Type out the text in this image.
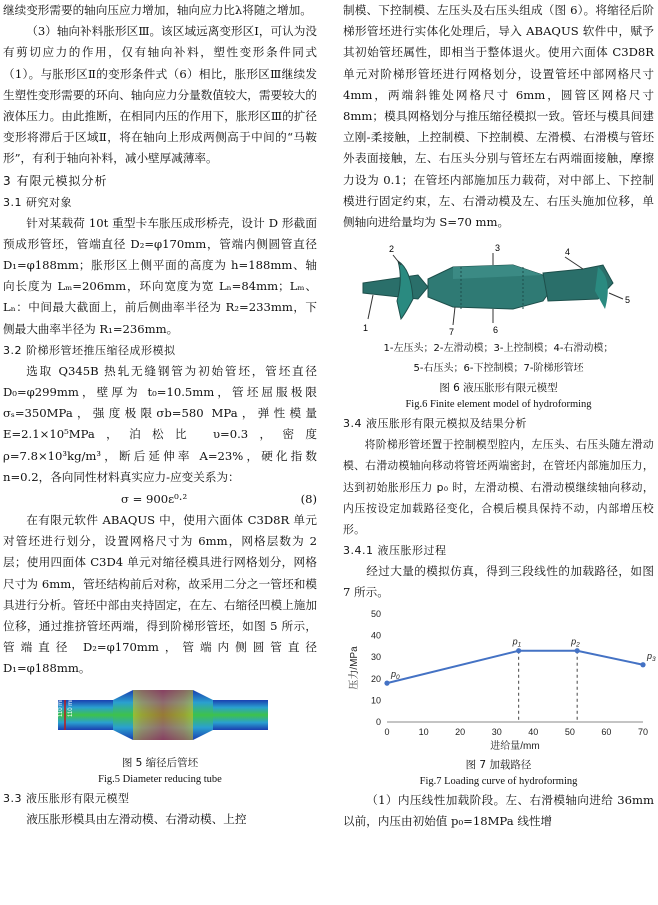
继续变形需要的轴向压应力增加，轴向应力比λ将随之增加。

（3）轴向补料胀形区Ⅲ。该区域远离变形区Ⅰ，可认为没有剪切应力的作用，仅有轴向补料，塑性变形条件同式（1）。与胀形区Ⅱ的变形条件式（6）相比，胀形区Ⅲ继续发生塑性变形需要的环向、轴向应力分量数值较大，需要较大的液体压力。由此推断，在相同内压的作用下，胀形区Ⅲ的扩径变形将滞后于区域Ⅱ，将在轴向上形成两侧高于中间的“马鞍形”，有利于轴向补料，减小壁厚减薄率。

3 有限元模拟分析
3.1 研究对象

针对某载荷 10t 重型卡车胀压成形桥壳，设计 D 形截面预成形管坯，管端直径 D₂=φ170mm，管端内侧圆管直径 D₁=φ188mm；胀形区上侧平面的高度为 h=188mm、轴向长度为 Lₘ=206mm，环向宽度为宽 Lₙ=84mm；Lₘ、Lₙ：中间最大截面上，前后侧曲率半径为 R₂=233mm，下侧最大曲率半径为 R₁=236mm。

3.2 阶梯形管坯推压缩径成形模拟

选取 Q345B 热轧无缝钢管为初始管坯，管坯直径 D₀=φ299mm，壁厚为 t₀=10.5mm，管坯屈服极限σₛ=350MPa，强度极限σb=580 MPa，弹性模量 E=2.1×10⁵MPa，泊松比 υ=0.3，密度 ρ=7.8×10³kg/m³，断后延伸率 A=23%，硬化指数 n=0.2，各向同性材料真实应力-应变关系为：

σ = 900ε⁰·²	(8)

在有限元软件 ABAQUS 中，使用六面体 C3D8R 单元对管坯进行划分，设置网格尺寸为 6mm，网格层数为 2 层；使用四面体 C3D4 单元对缩径模具进行网格划分，网格尺寸为 6mm，管坯结构前后对称，故采用二分之一管坯和模具进行分析。管坯中部由夹持固定，在左、右缩径凹模上施加位移，通过推挤管坯两端，得到阶梯形管坯，如图 5 所示，管端直径 D₂=φ170mm，管端内侧圆管直径 D₁=φ188mm。

110 mm 110 mm
图 5 缩径后管坯
Fig.5 Diameter reducing tube
3.3 液压胀形有限元模型

液压胀形模具由左滑动模、右滑动模、上控

制模、下控制模、左压头及右压头组成（图 6）。将缩径后阶梯形管坯进行实体化处理后，导入 ABAQUS 软件中，赋予其初始管坯属性，即相当于整体退火。使用六面体 C3D8R 单元对阶梯形管坯进行网格划分，设置管坯中部网格尺寸 4mm，两端斜锥处网格尺寸 6mm，圆管区网格尺寸 8mm；模具网格划分与推压缩径模拟一致。管坯与模具间建立刚-柔接触，上控制模、下控制模、左滑模、右滑模与管坯外表面接触，左、右压头分别与管坯左右两端面接触，摩擦力设为 0.1；在管坯内部施加压力载荷，对中部上、下控制模进行固定约束，左、右滑动模及左、右压头施加位移，单侧轴向进给量均为 S=70 mm。

2	3	4
5
1	6
7
1-左压头；2-左滑动模；3-上控制模；4-右滑动模；
5-右压头；6-下控制模；7-阶梯形管坯
图 6 液压胀形有限元模型
Fig.6 Finite element model of hydroforming
3.4 液压胀形有限元模拟及结果分析

将阶梯形管坯置于控制模型腔内，左压头、右压头随左滑动模、右滑动模轴向移动将管坯两端密封，在管坯内部施加压力，达到初始胀形压力 p₀ 时，左滑动模、右滑动模继续轴向移动，内压按设定加载路径变化，合模后模具保持不动，内部增压校形。

3.4.1 液压胀形过程

经过大量的模拟仿真，得到三段线性的加载路径，如图 7 所示。

0	10	20	30	40	50	60	70
0
10
20
30
40
50
进给量/mm
压力/MPa	$p_0$
$p_1$	$p_2$
$p_3$
图 7 加载路径
Fig.7 Loading curve of hydroforming

（1）内压线性加载阶段。左、右滑模轴向进给 36mm 以前，内压由初始值 p₀=18MPa 线性增
